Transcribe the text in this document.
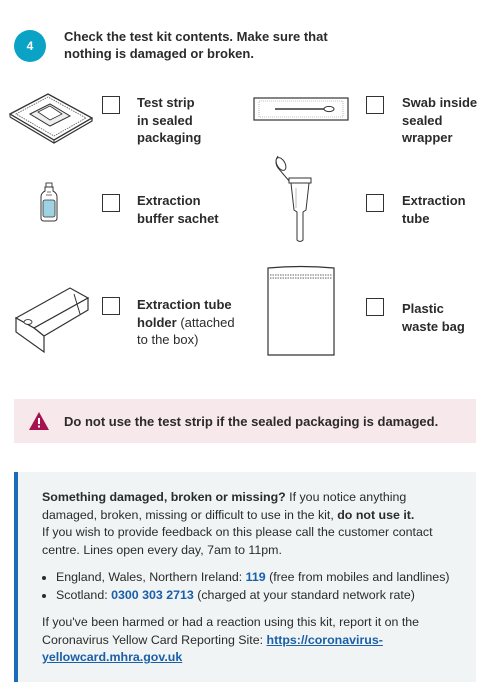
4
Check the test kit contents. Make sure that nothing is damaged or broken.
Test strip
in sealed
packaging
Swab inside
sealed
wrapper
Extraction
buffer sachet
Extraction
tube
Extraction tube
holder (attached
to the box)
Plastic
waste bag
Do not use the test strip if the sealed packaging is damaged.

Something damaged, broken or missing? If you notice anything damaged, broken, missing or difficult to use in the kit, do not use it.

If you wish to provide feedback on this please call the customer contact centre. Lines open every day, 7am to 11pm.

• England, Wales, Northern Ireland: 119 (free from mobiles and landlines)
• Scotland: 0300 303 2713 (charged at your standard network rate)

If you've been harmed or had a reaction using this kit, report it on the Coronavirus Yellow Card Reporting Site: https://coronavirus-yellowcard.mhra.gov.uk
